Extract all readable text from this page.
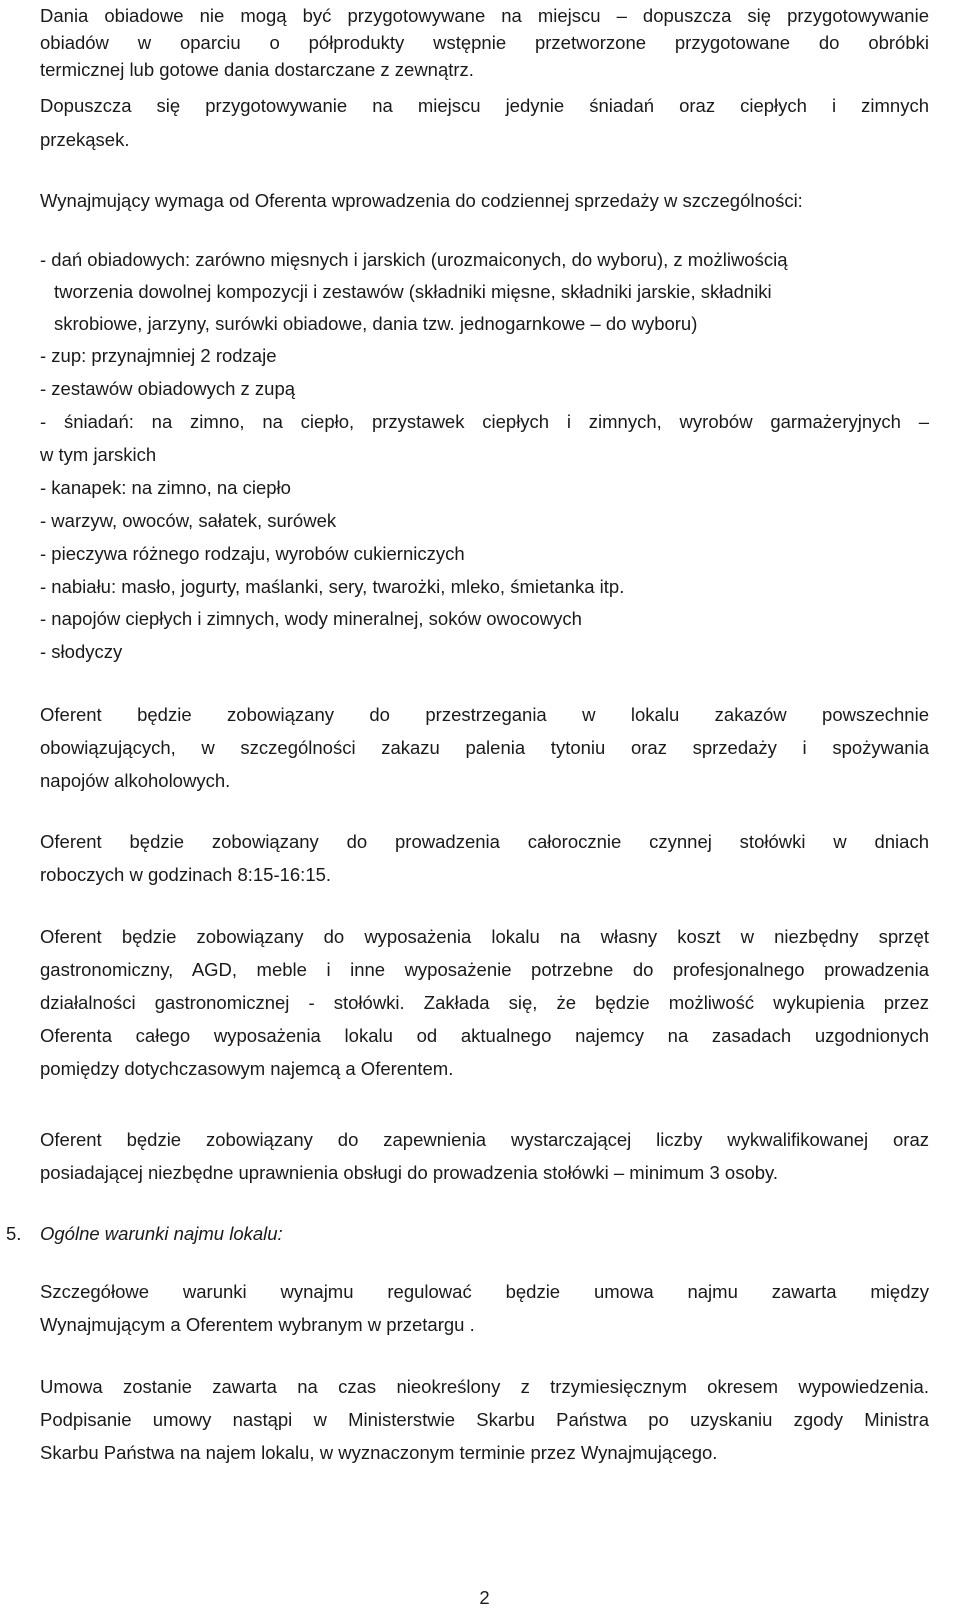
Dania obiadowe nie mogą być przygotowywane na miejscu – dopuszcza się przygotowywanie
obiadów w oparciu o półprodukty wstępnie przetworzone przygotowane do obróbki
termicznej lub gotowe dania dostarczane z zewnątrz.
Dopuszcza się przygotowywanie na miejscu jedynie śniadań oraz ciepłych i zimnych
przekąsek.
Wynajmujący wymaga od Oferenta wprowadzenia do codziennej sprzedaży w szczególności:
- dań obiadowych: zarówno mięsnych i jarskich (urozmaiconych, do wyboru), z możliwością
tworzenia dowolnej kompozycji i zestawów (składniki mięsne, składniki jarskie, składniki
skrobiowe, jarzyny, surówki obiadowe, dania tzw. jednogarnkowe – do wyboru)
- zup: przynajmniej 2 rodzaje
- zestawów obiadowych z zupą
- śniadań: na zimno, na ciepło, przystawek ciepłych i zimnych, wyrobów garmażeryjnych –
w tym jarskich
- kanapek: na zimno, na ciepło
- warzyw, owoców, sałatek, surówek
- pieczywa różnego rodzaju, wyrobów cukierniczych
- nabiału: masło, jogurty, maślanki, sery, twarożki, mleko, śmietanka itp.
- napojów ciepłych i zimnych, wody mineralnej, soków owocowych
- słodyczy
Oferent będzie zobowiązany do przestrzegania w lokalu zakazów powszechnie
obowiązujących, w szczególności zakazu palenia tytoniu oraz sprzedaży i spożywania
napojów alkoholowych.
Oferent będzie zobowiązany do prowadzenia całorocznie czynnej stołówki w dniach
roboczych w godzinach 8:15-16:15.
Oferent będzie zobowiązany do wyposażenia lokalu na własny koszt w niezbędny sprzęt
gastronomiczny, AGD, meble i inne wyposażenie potrzebne do profesjonalnego prowadzenia
działalności gastronomicznej - stołówki. Zakłada się, że będzie możliwość wykupienia przez
Oferenta całego wyposażenia lokalu od aktualnego najemcy na zasadach uzgodnionych
pomiędzy dotychczasowym najemcą a Oferentem.
Oferent będzie zobowiązany do zapewnienia wystarczającej liczby wykwalifikowanej oraz
posiadającej niezbędne uprawnienia obsługi do prowadzenia stołówki – minimum 3 osoby.
5. Ogólne warunki najmu lokalu:
Szczegółowe warunki wynajmu regulować będzie umowa najmu zawarta między
Wynajmującym a Oferentem wybranym w przetargu .
Umowa zostanie zawarta na czas nieokreślony z trzymiesięcznym okresem wypowiedzenia.
Podpisanie umowy nastąpi w Ministerstwie Skarbu Państwa po uzyskaniu zgody Ministra
Skarbu Państwa na najem lokalu, w wyznaczonym terminie przez Wynajmującego.
2
